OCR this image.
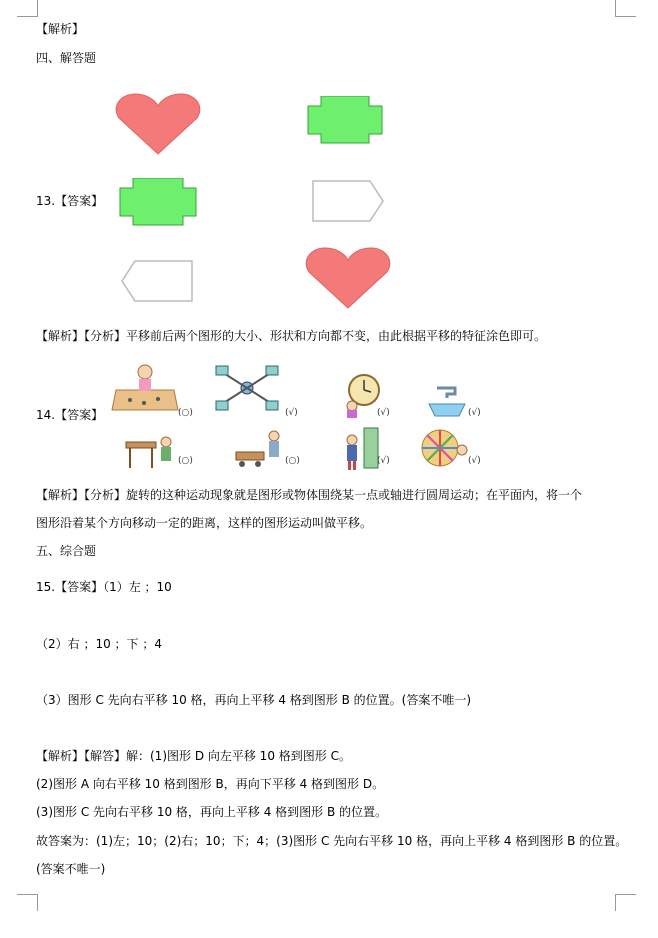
【解析】
四、解答题
13.【答案】
【解析】【分析】平移前后两个图形的大小、形状和方向都不变，由此根据平移的特征涂色即可。
14.【答案】	(○)	(√)	(√)	(√)
(○)	(○)	(√)	(√)
【解析】【分析】旋转的这种运动现象就是图形或物体围绕某一点或轴进行圆周运动；在平面内，将一个
图形沿着某个方向移动一定的距离，这样的图形运动叫做平移。
五、综合题
15.【答案】（1）左 ；10
（2）右 ；10 ；下 ；4
（3）图形 C 先向右平移 10 格，再向上平移 4 格到图形 B 的位置。(答案不唯一)
【解析】【解答】解：(1)图形 D 向左平移 10 格到图形 C。
(2)图形 A 向右平移 10 格到图形 B，再向下平移 4 格到图形 D。
(3)图形 C 先向右平移 10 格，再向上平移 4 格到图形 B 的位置。
故答案为：(1)左；10；(2)右；10；下；4；(3)图形 C 先向右平移 10 格，再向上平移 4 格到图形 B 的位置。
(答案不唯一)
